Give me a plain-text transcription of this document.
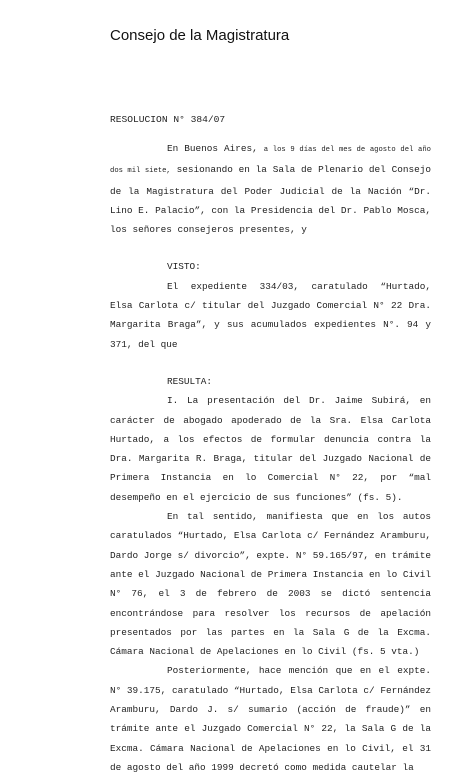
Consejo de la Magistratura
RESOLUCION N° 384/07

En Buenos Aires, a los 9 días del mes de agosto del año dos mil siete, sesionando en la Sala de Plenario del Consejo de la Magistratura del Poder Judicial de la Nación “Dr. Lino E. Palacio”, con la Presidencia del Dr. Pablo Mosca, los señores consejeros presentes, y

VISTO:

El expediente 334/03, caratulado “Hurtado, Elsa Carlota c/ titular del Juzgado Comercial N° 22 Dra. Margarita Braga”, y sus acumulados expedientes N°. 94 y 371, del que

RESULTA:

I. La presentación del Dr. Jaime Subirá, en carácter de abogado apoderado de la Sra. Elsa Carlota Hurtado, a los efectos de formular denuncia contra la Dra. Margarita R. Braga, titular del Juzgado Nacional de Primera Instancia en lo Comercial N° 22, por “mal desempeño en el ejercicio de sus funciones” (fs. 5).

En tal sentido, manifiesta que en los autos caratulados “Hurtado, Elsa Carlota c/ Fernández Aramburu, Dardo Jorge s/ divorcio”, expte. N° 59.165/97, en trámite ante el Juzgado Nacional de Primera Instancia en lo Civil N° 76, el 3 de febrero de 2003 se dictó sentencia encontrándose para resolver los recursos de apelación presentados por las partes en la Sala G de la Excma. Cámara Nacional de Apelaciones en lo Civil (fs. 5 vta.)

Posteriormente, hace mención que en el expte. N° 39.175, caratulado “Hurtado, Elsa Carlota c/ Fernández Aramburu, Dardo J. s/ sumario (acción de fraude)” en trámite ante el Juzgado Comercial N° 22, la Sala G de la Excma. Cámara Nacional de Apelaciones en lo Civil, el 31 de agosto del año 1999 decretó como medida cautelar la
